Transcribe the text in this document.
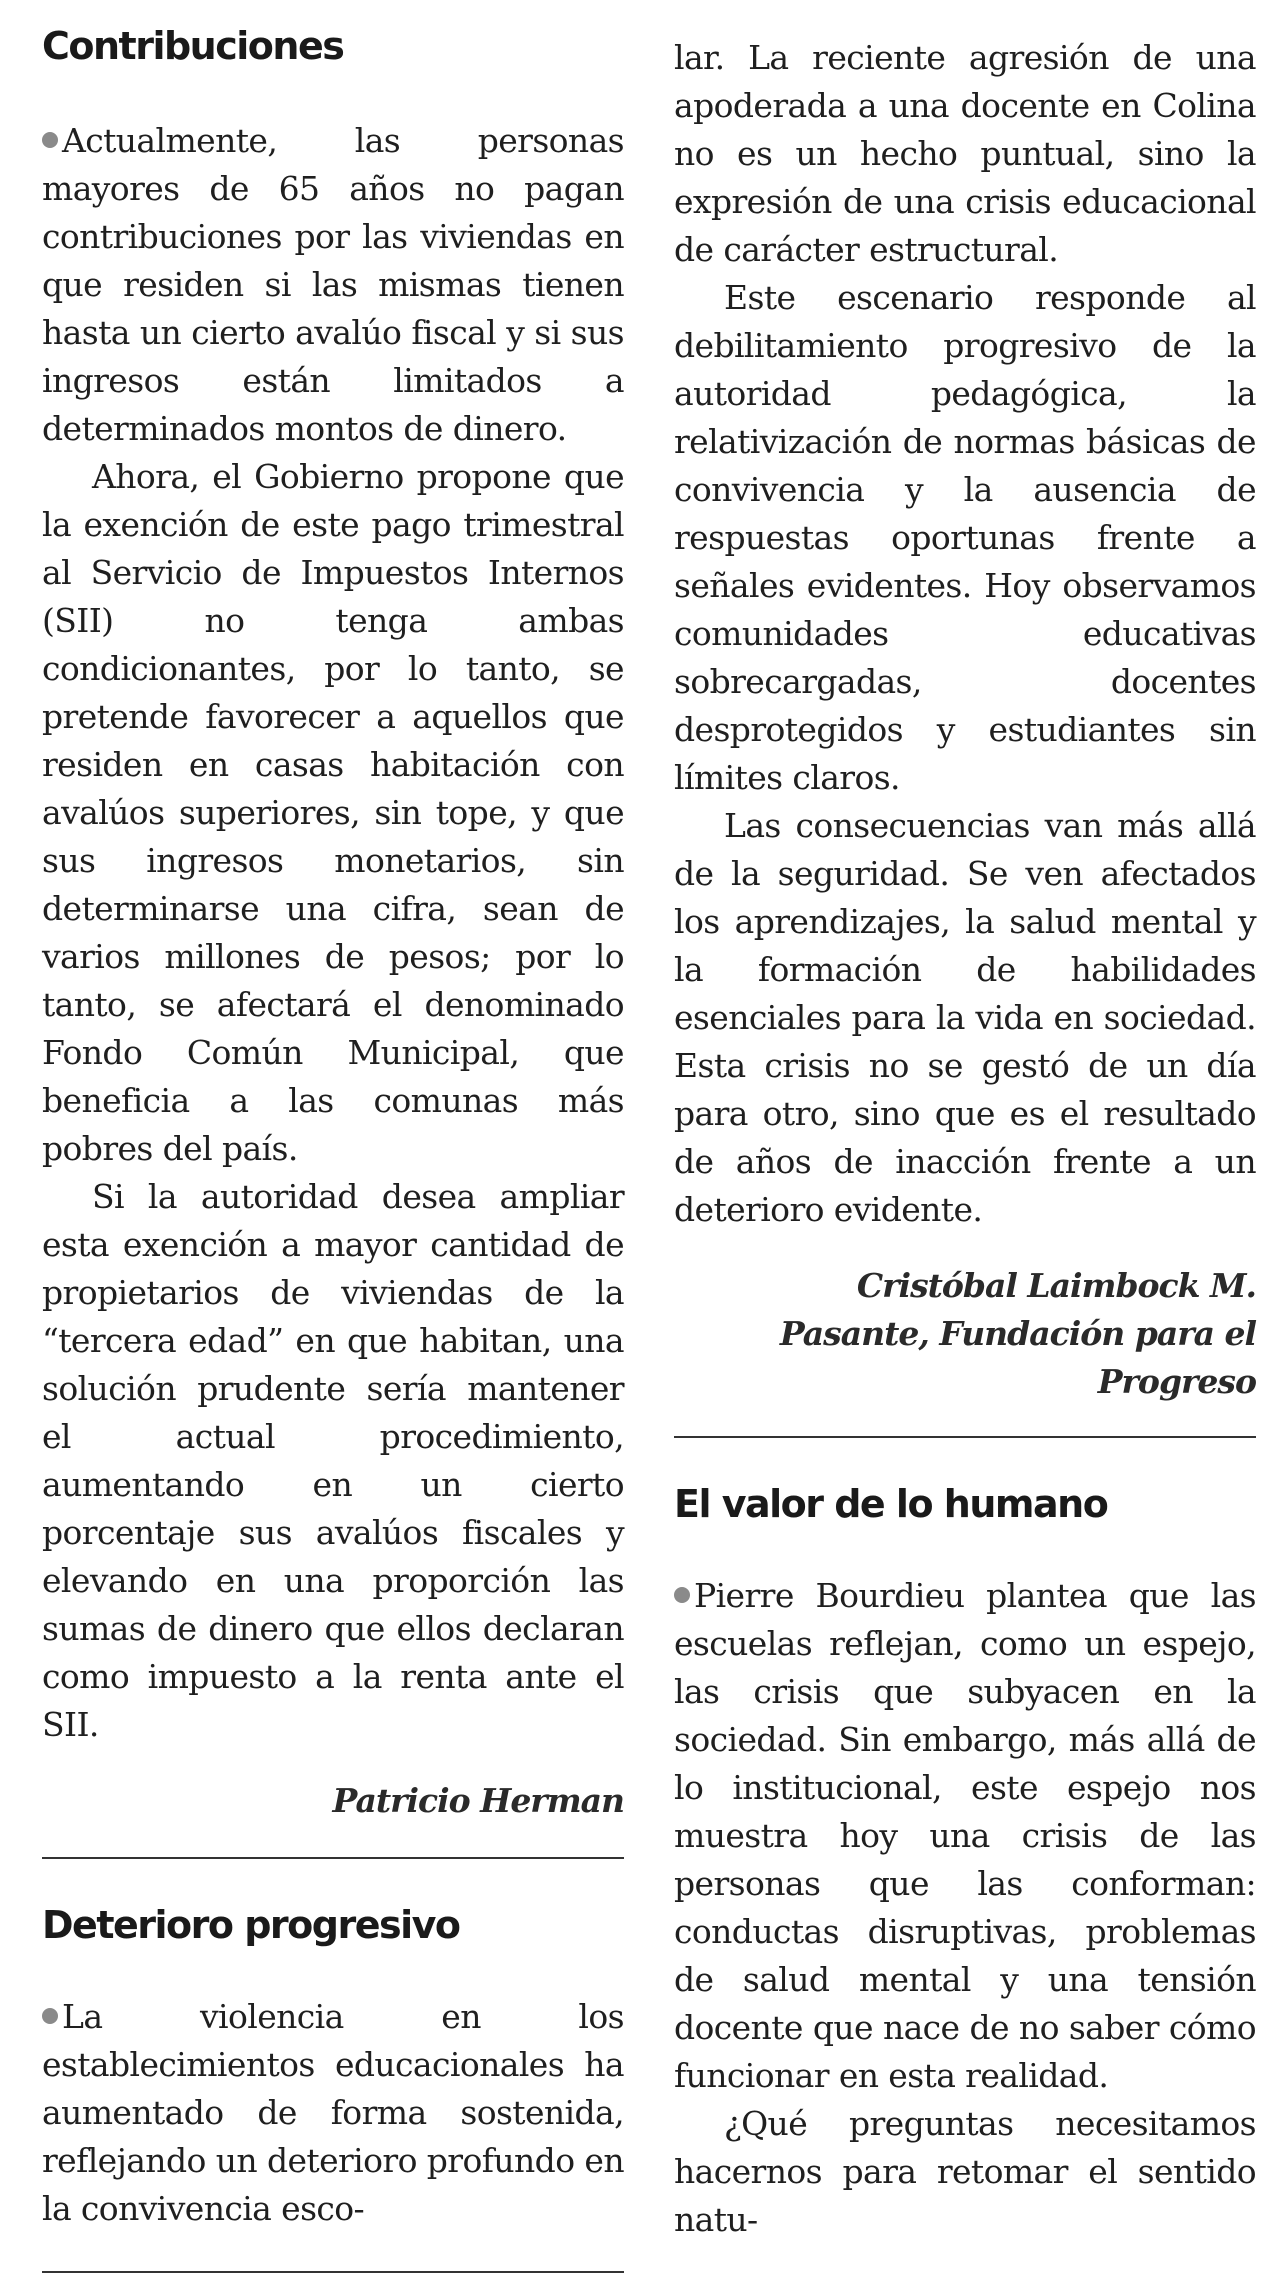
Contribuciones

Actualmente, las personas mayores de 65 años no pagan contribuciones por las viviendas en que residen si las mismas tienen hasta un cierto avalúo fiscal y si sus ingresos están limitados a determinados montos de dinero.

Ahora, el Gobierno propone que la exención de este pago trimestral al Servicio de Impuestos Internos (SII) no tenga ambas condicionantes, por lo tanto, se pretende favorecer a aquellos que residen en casas habitación con avalúos superiores, sin tope, y que sus ingresos monetarios, sin determinarse una cifra, sean de varios millones de pesos; por lo tanto, se afectará el denominado Fondo Común Municipal, que beneficia a las comunas más pobres del país.

Si la autoridad desea ampliar esta exención a mayor cantidad de propietarios de viviendas de la “tercera edad” en que habitan, una solución prudente sería mantener el actual procedimiento, aumentando en un cierto porcentaje sus avalúos fiscales y elevando en una proporción las sumas de dinero que ellos declaran como impuesto a la renta ante el SII.

Patricio Herman
Deterioro progresivo

La violencia en los establecimientos educacionales ha aumentado de forma sostenida, reflejando un deterioro profundo en la convivencia esco-

lar. La reciente agresión de una apoderada a una docente en Colina no es un hecho puntual, sino la expresión de una crisis educacional de carácter estructural.

Este escenario responde al debilitamiento progresivo de la autoridad pedagógica, la relativización de normas básicas de convivencia y la ausencia de respuestas oportunas frente a señales evidentes. Hoy observamos comunidades educativas sobrecargadas, docentes desprotegidos y estudiantes sin límites claros.

Las consecuencias van más allá de la seguridad. Se ven afectados los aprendizajes, la salud mental y la formación de habilidades esenciales para la vida en sociedad. Esta crisis no se gestó de un día para otro, sino que es el resultado de años de inacción frente a un deterioro evidente.

Cristóbal Laimbock M.
Pasante, Fundación para el Progreso
El valor de lo humano

Pierre Bourdieu plantea que las escuelas reflejan, como un espejo, las crisis que subyacen en la sociedad. Sin embargo, más allá de lo institucional, este espejo nos muestra hoy una crisis de las personas que las conforman: conductas disruptivas, problemas de salud mental y una tensión docente que nace de no saber cómo funcionar en esta realidad.

¿Qué preguntas necesitamos hacernos para retomar el sentido natu-
